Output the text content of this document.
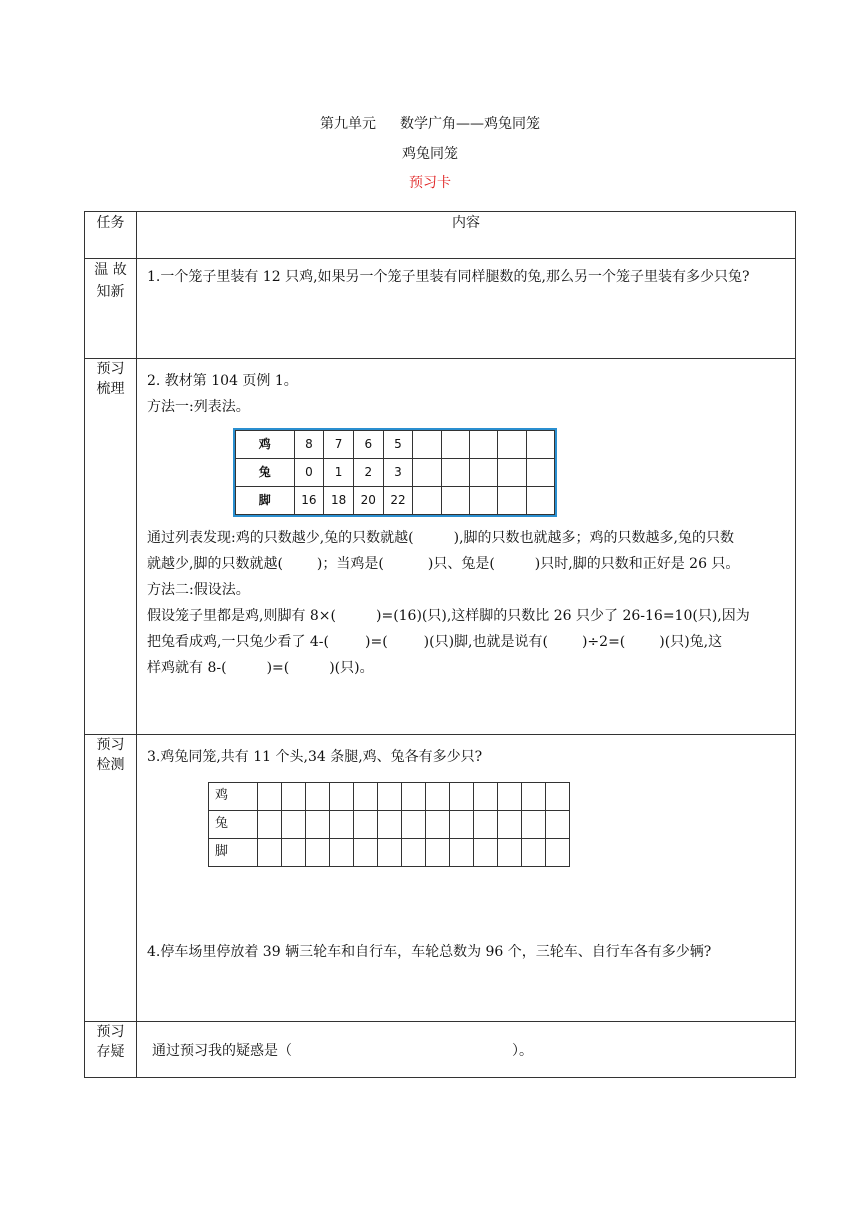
第九单元 数学广角——鸡兔同笼
鸡兔同笼
预习卡
任务	内容

温 故
知新

1.一个笼子里装有 12 只鸡,如果另一个笼子里装有同样腿数的兔,那么另一个笼子里装有多少只兔?

预习
梳理	2. 教材第 104 页例 1。

方法一:列表法。

鸡	8	7	6	5					
兔	0	1	2	3					
脚	16	18	20	22					

通过列表发现:鸡的只数越少,兔的只数就越(	),脚的只数也就越多；鸡的只数越多,兔的只数
就越少,脚的只数就越( )；当鸡是(	)只、兔是(	)只时,脚的只数和正好是 26 只。

方法二:假设法。

假设笼子里都是鸡,则脚有 8×(	)=(16)(只),这样脚的只数比 26 只少了 26-16=10(只),因为
把兔看成鸡,一只兔少看了 4-(	)=(	)(只)脚,也就是说有( )÷2=( )(只)兔,这
样鸡就有 8-(	)=(	)(只)。

预习
检测	3.鸡兔同笼,共有 11 个头,34 条腿,鸡、兔各有多少只?

鸡													
兔													
脚													

4.停车场里停放着 39 辆三轮车和自行车，车轮总数为 96 个，三轮车、自行车各有多少辆?

预习
存疑	通过预习我的疑惑是（	）。
